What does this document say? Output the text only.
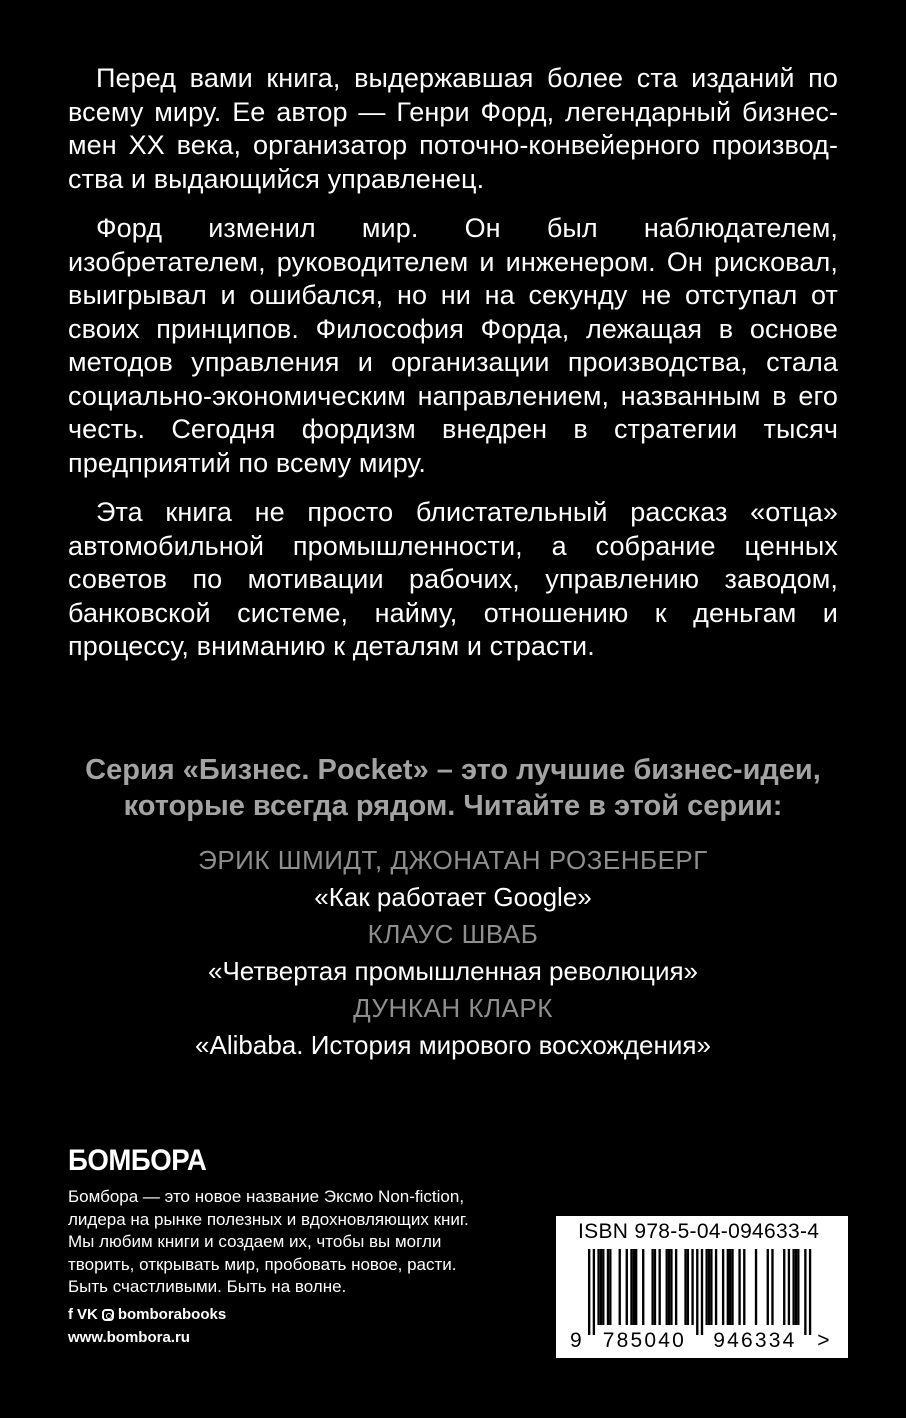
Перед вами книга, выдержавшая более ста изданий по всему миру. Ее автор — Генри Форд, легендарный бизнесмен XX века, организатор поточно-конвейерного производства и выдающийся управленец.

Форд изменил мир. Он был наблюдателем, изобретателем, руководителем и инженером. Он рисковал, выигрывал и ошибался, но ни на секунду не отступал от своих принципов. Философия Форда, лежащая в основе методов управления и организации производства, стала социально-экономическим направлением, названным в его честь. Сегодня фордизм внедрен в стратегии тысяч предприятий по всему миру.

Эта книга не просто блистательный рассказ «отца» автомобильной промышленности, а собрание ценных советов по мотивации рабочих, управлению заводом, банковской системе, найму, отношению к деньгам и процессу, вниманию к деталям и страсти.

Серия «Бизнес. Pocket» – это лучшие бизнес-идеи,
которые всегда рядом. Читайте в этой серии:

ЭРИК ШМИДТ, ДЖОНАТАН РОЗЕНБЕРГ
«Как работает Google»
КЛАУС ШВАБ
«Четвертая промышленная революция»
ДУНКАН КЛАРК
«Alibaba. История мирового восхождения»
БОМБОРА
Бомбора — это новое название Эксмо Non-fiction,
лидера на рынке полезных и вдохновляющих книг.
Мы любим книги и создаем их, чтобы вы могли
творить, открывать мир, пробовать новое, расти.
Быть счастливыми. Быть на волне.
f VK bomborabooks
www.bombora.ru
ISBN 978-5-04-094633-4
9 785040 946334 >
